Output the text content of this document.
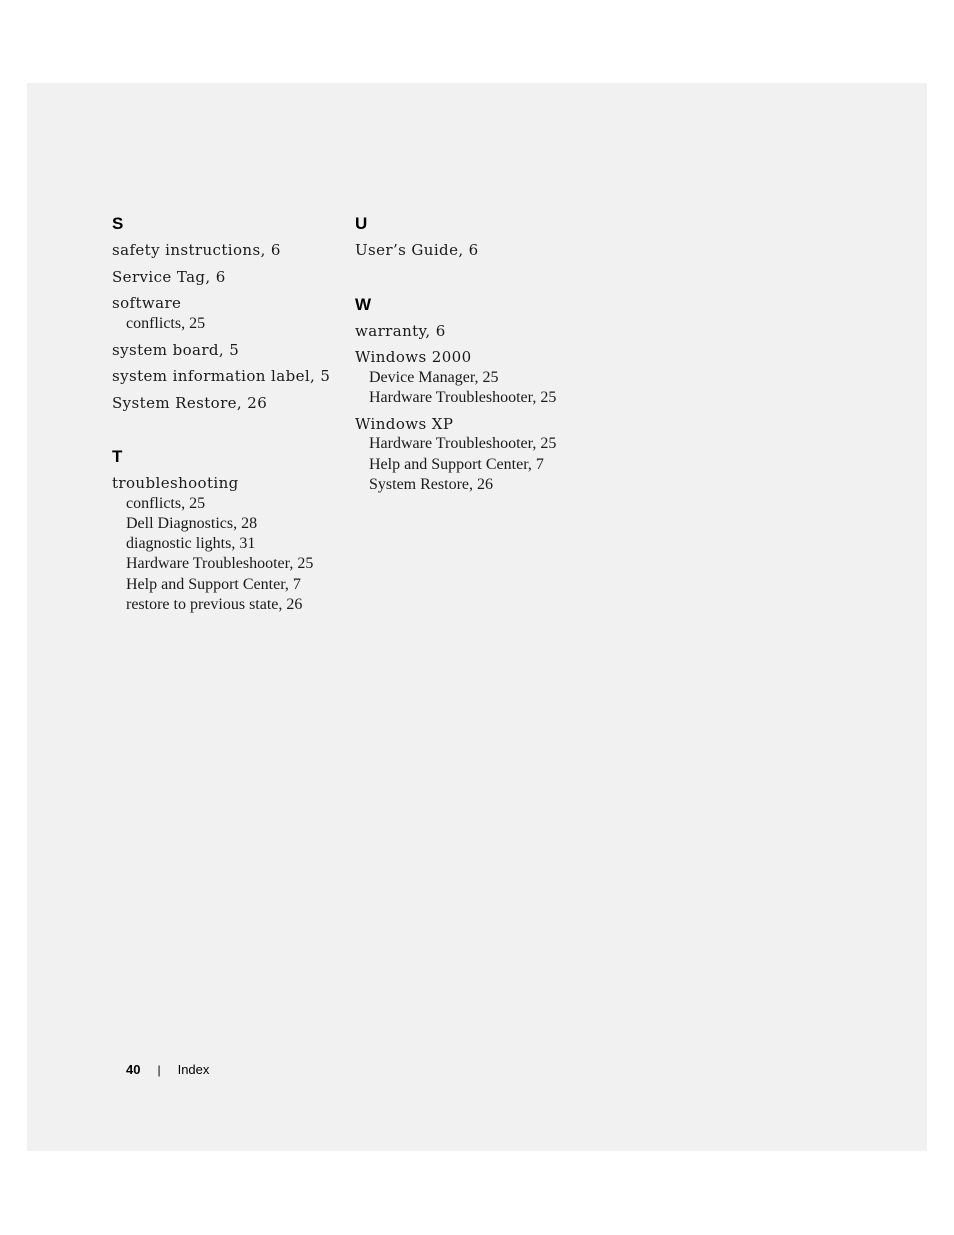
S
safety instructions, 6
Service Tag, 6
software
conflicts, 25
system board, 5
system information label, 5
System Restore, 26
T
troubleshooting
conflicts, 25
Dell Diagnostics, 28
diagnostic lights, 31
Hardware Troubleshooter, 25
Help and Support Center, 7
restore to previous state, 26
U
User’s Guide, 6
W
warranty, 6
Windows 2000
Device Manager, 25
Hardware Troubleshooter, 25
Windows XP
Hardware Troubleshooter, 25
Help and Support Center, 7
System Restore, 26
40 | Index
